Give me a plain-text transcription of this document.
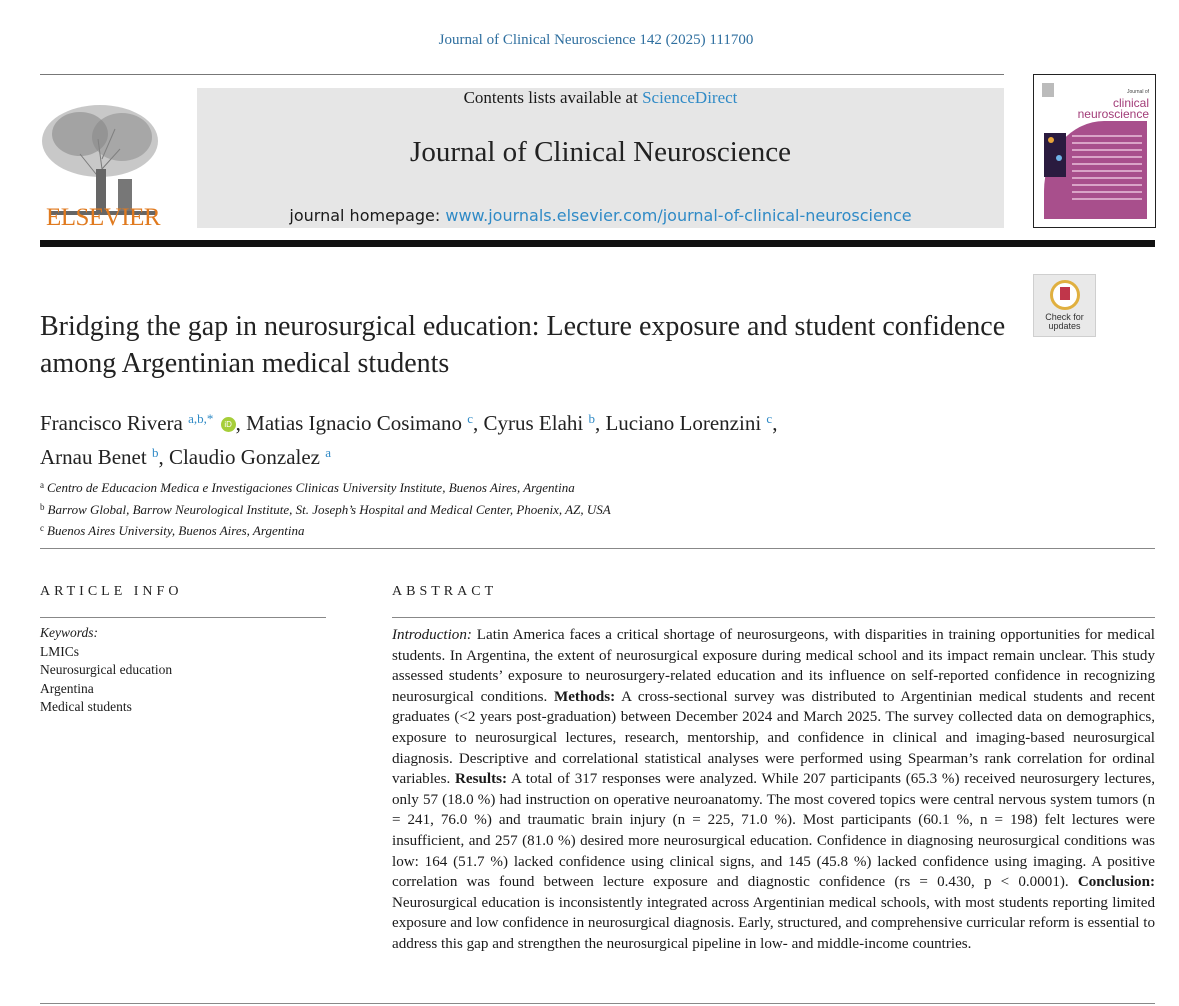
Journal of Clinical Neuroscience 142 (2025) 111700
ELSEVIER
Contents lists available at ScienceDirect
Journal of Clinical Neuroscience
journal homepage: www.journals.elsevier.com/journal-of-clinical-neuroscience
Journal of
clinical
neuroscience
Check for
updates
Bridging the gap in neurosurgical education: Lecture exposure and student confidence among Argentinian medical students
Francisco Rivera $^{a,b,*}$ iD , Matias Ignacio Cosimano $^c$, Cyrus Elahi $^b$, Luciano Lorenzini $^c$,
Arnau Benet $^b$, Claudio Gonzalez $^a$
$^a$ Centro de Educacion Medica e Investigaciones Clinicas University Institute, Buenos Aires, Argentina
$^b$ Barrow Global, Barrow Neurological Institute, St. Joseph’s Hospital and Medical Center, Phoenix, AZ, USA
$^c$ Buenos Aires University, Buenos Aires, Argentina
ARTICLE INFO	ABSTRACT
Keywords:
LMICs
Neurosurgical education
Argentina
Medical students
Introduction: Latin America faces a critical shortage of neurosurgeons, with disparities in training opportunities for medical students. In Argentina, the extent of neurosurgical exposure during medical school and its impact remain unclear. This study assessed students’ exposure to neurosurgery-related education and its influence on self-reported confidence in recognizing neurosurgical conditions. Methods: A cross-sectional survey was distributed to Argentinian medical students and recent graduates (<2 years post-graduation) between December 2024 and March 2025. The survey collected data on demographics, exposure to neurosurgical lectures, research, mentorship, and confidence in clinical and imaging-based neurosurgical diagnosis. Descriptive and correlational statistical analyses were performed using Spearman’s rank correlation for ordinal variables. Results: A total of 317 responses were analyzed. While 207 participants (65.3 %) received neurosurgery lectures, only 57 (18.0 %) had instruction on operative neuroanatomy. The most covered topics were central nervous system tumors (n = 241, 76.0 %) and traumatic brain injury (n = 225, 71.0 %). Most participants (60.1 %, n = 198) felt lectures were insufficient, and 257 (81.0 %) desired more neurosurgical education. Confidence in diagnosing neurosurgical conditions was low: 164 (51.7 %) lacked confidence using clinical signs, and 145 (45.8 %) lacked confidence using imaging. A positive correlation was found between lecture exposure and diagnostic confidence (rs = 0.430, p < 0.0001). Conclusion: Neurosurgical education is inconsistently integrated across Argentinian medical schools, with most students reporting limited exposure and low confidence in neurosurgical diagnosis. Early, structured, and comprehensive curricular reform is essential to address this gap and strengthen the neurosurgical pipeline in low- and middle-income countries.
